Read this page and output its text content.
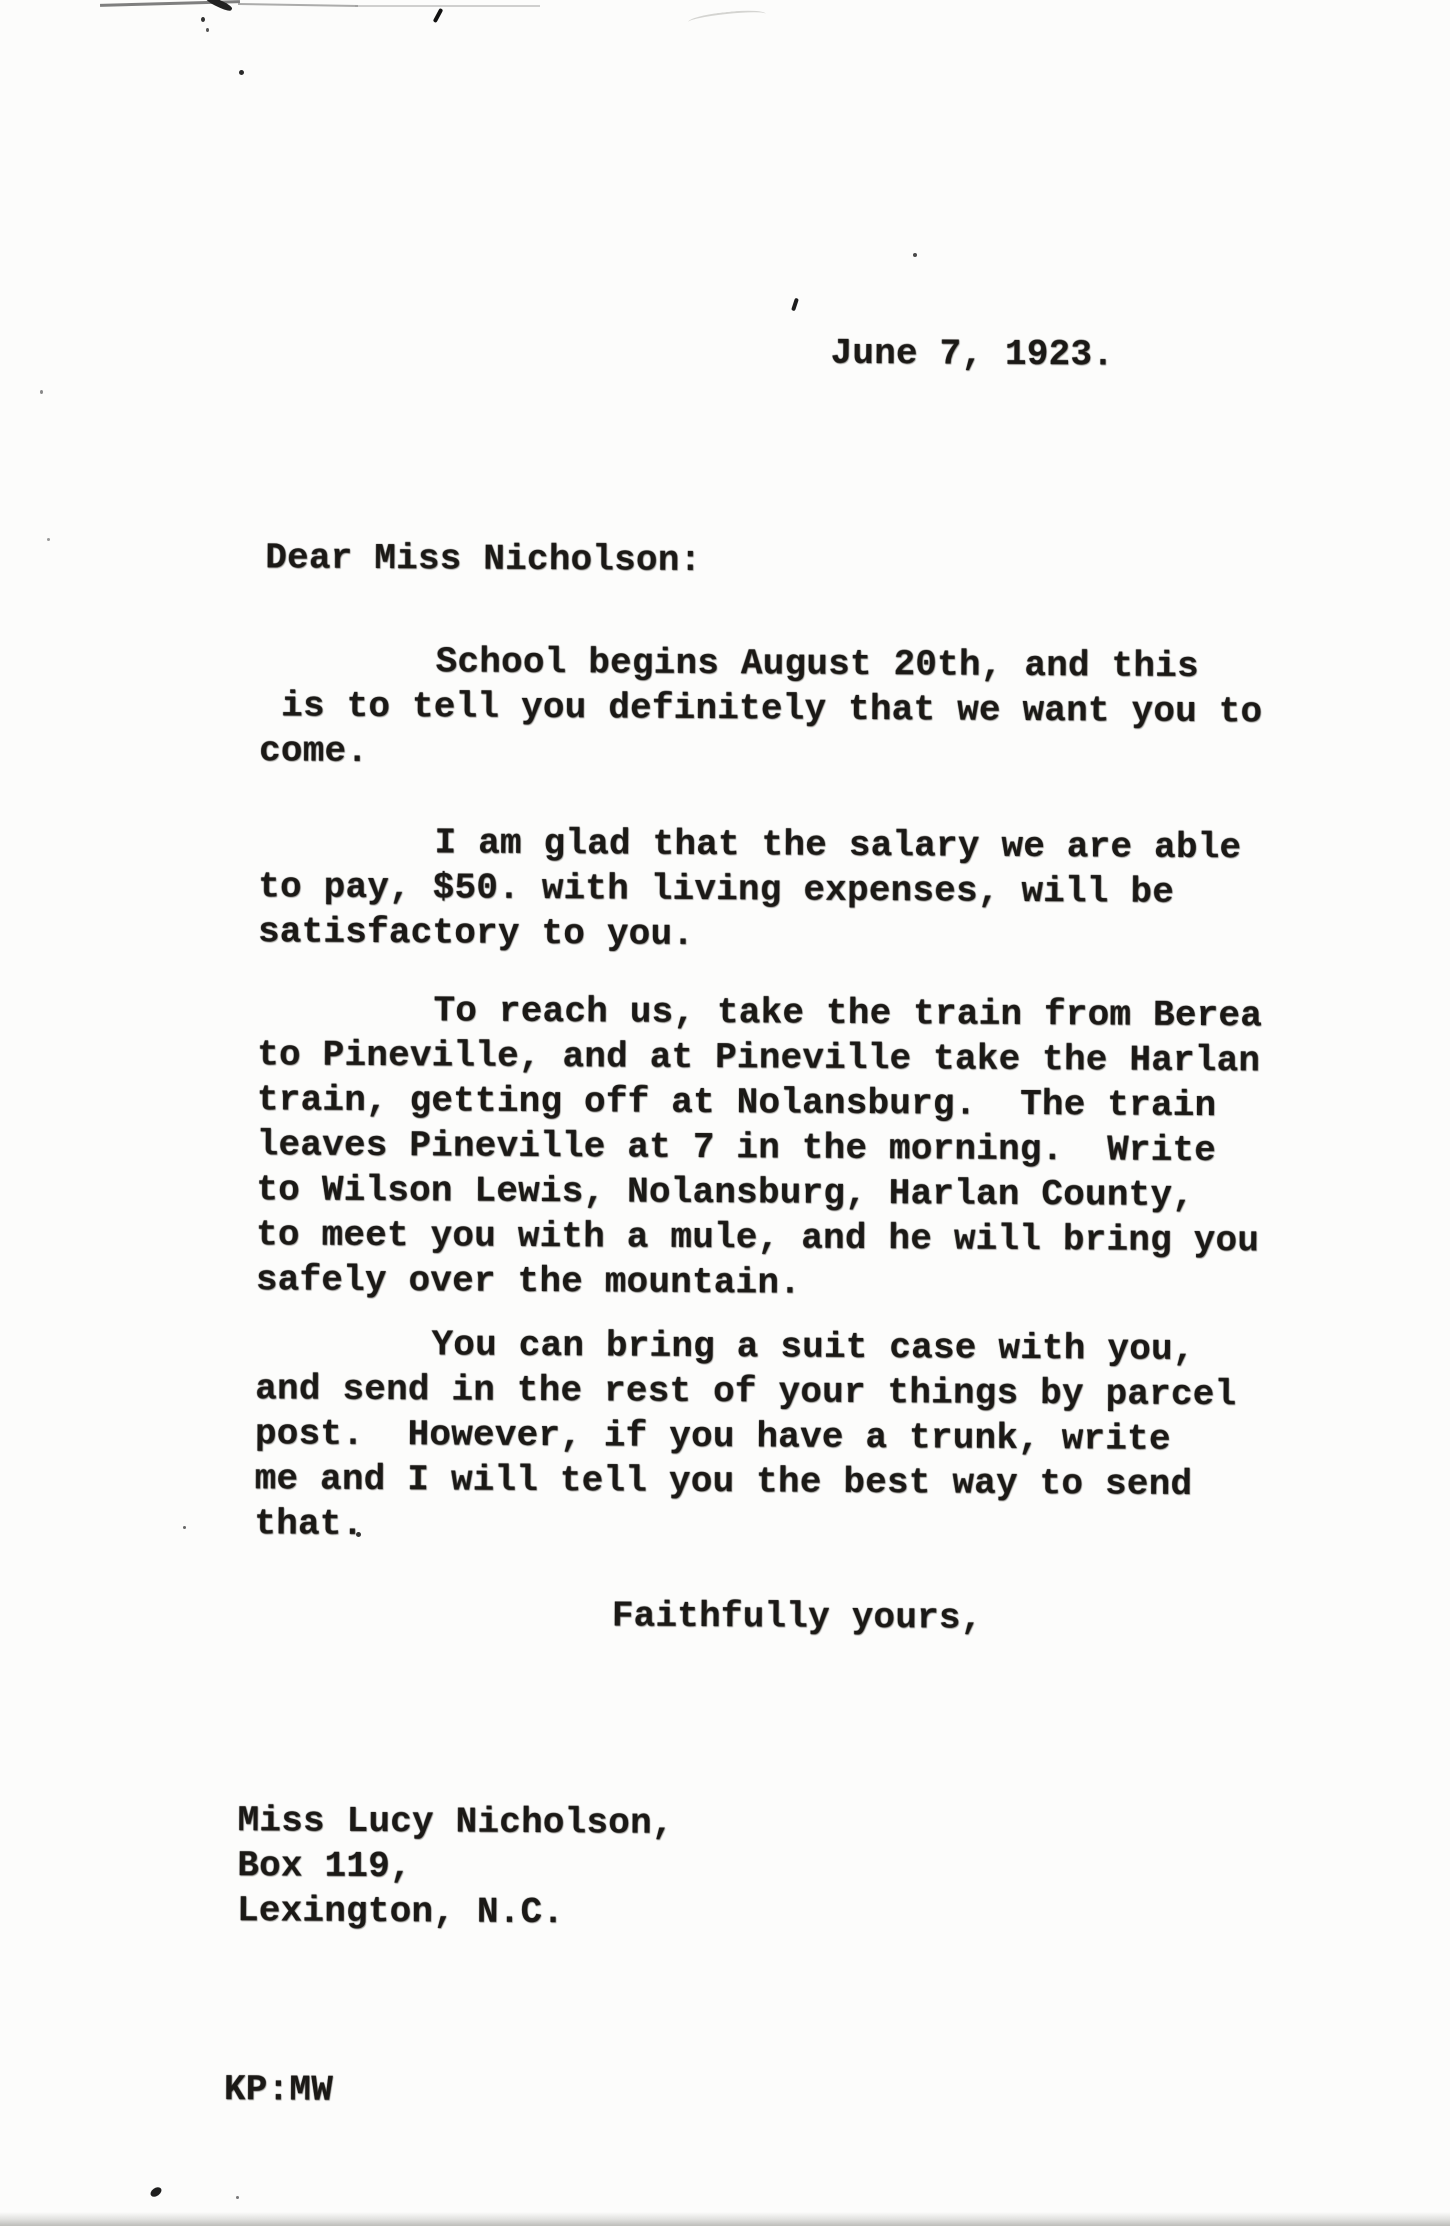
June 7, 1923.
Dear Miss Nicholson:

School begins August 20th, and this
is to tell you definitely that we want you to
come.

I am glad that the salary we are able
to pay, $50. with living expenses, will be
satisfactory to you.

To reach us, take the train from Berea
to Pineville, and at Pineville take the Harlan
train, getting off at Nolansburg.  The train
leaves Pineville at 7 in the morning.  Write
to Wilson Lewis, Nolansburg, Harlan County,
to meet you with a mule, and he will bring you
safely over the mountain.

You can bring a suit case with you,
and send in the rest of your things by parcel
post.  However, if you have a trunk, write
me and I will tell you the best way to send
that.

Faithfully yours,
Miss Lucy Nicholson,
Box 119,
Lexington, N.C.
KP:MW
